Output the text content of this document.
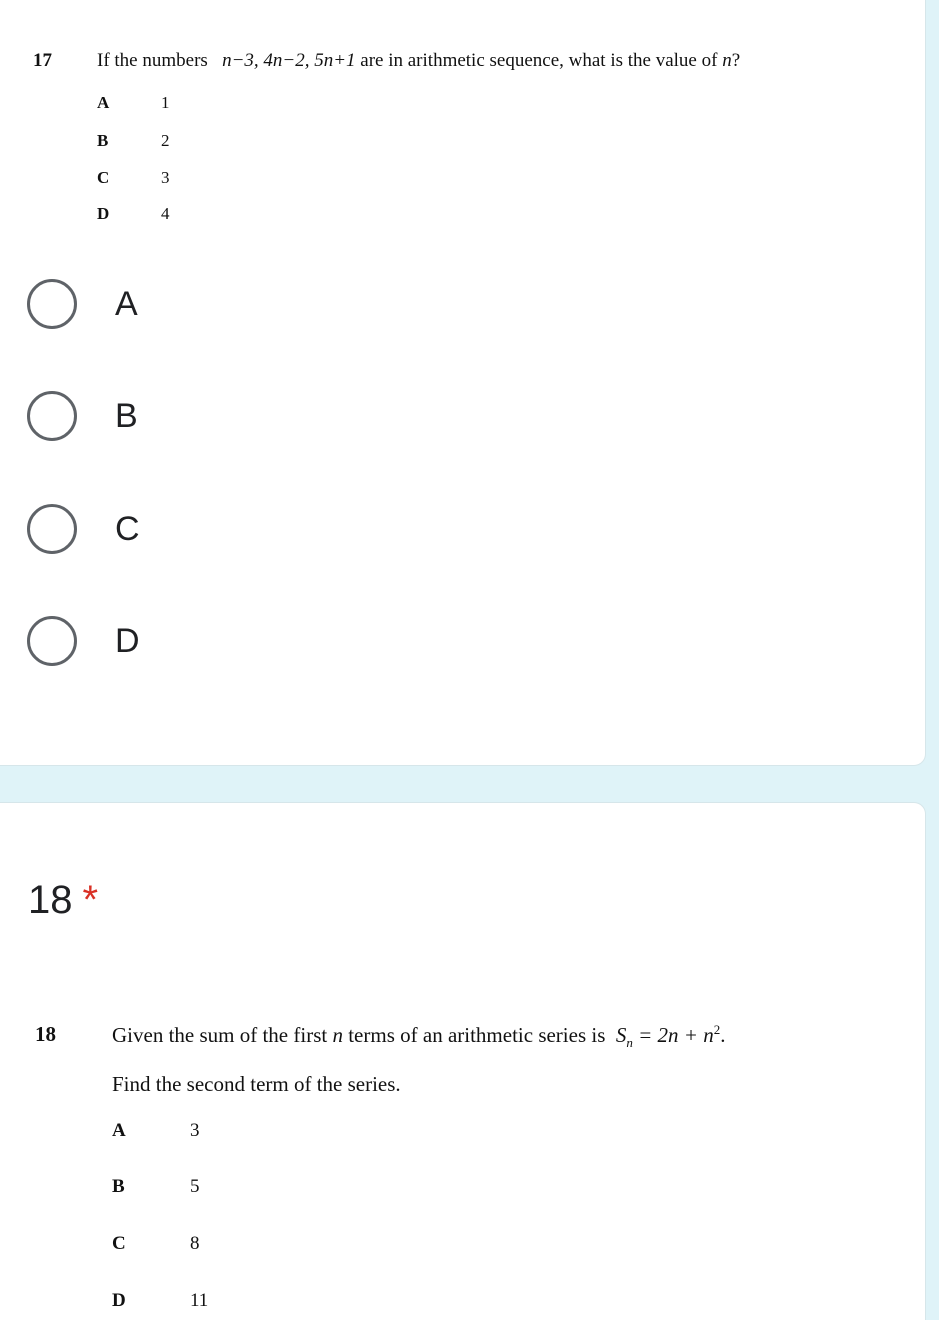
17 If the numbers n−3, 4n−2, 5n+1 are in arithmetic sequence, what is the value of n?
A	1
B	2
C	3
D	4
A
B
C
D
18 *
18	Given the sum of the first n terms of an arithmetic series is $S_n = 2n + n^2$.
Find the second term of the series.
A	3
B	5
C	8
D	11
